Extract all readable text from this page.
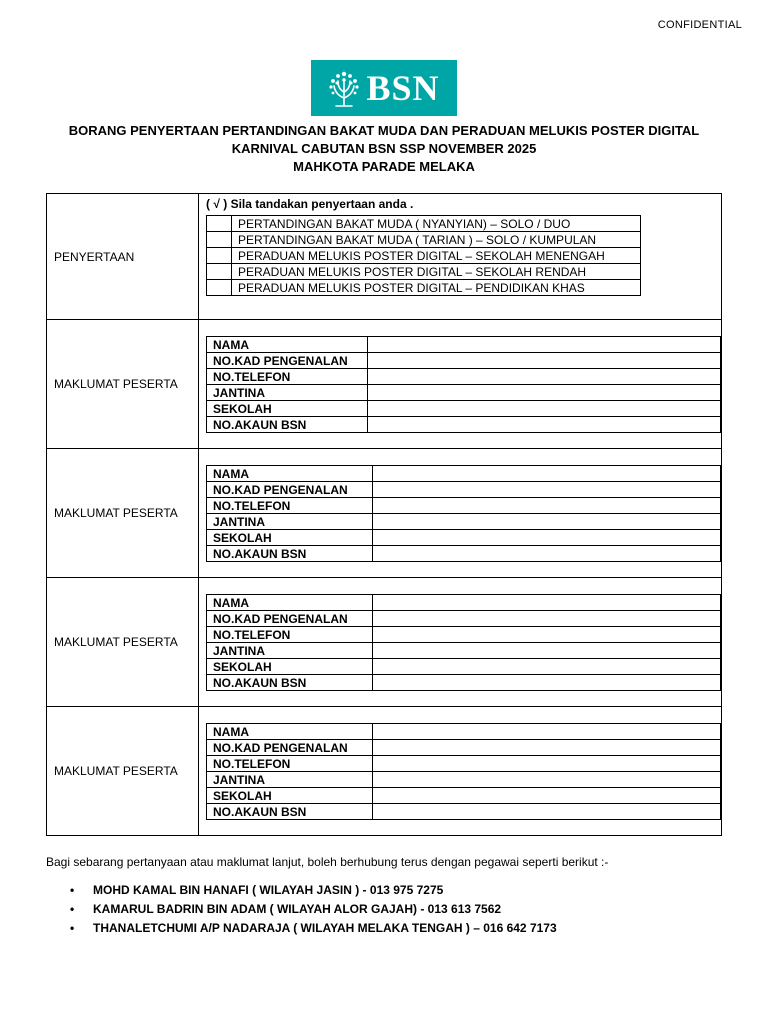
CONFIDENTIAL
BSN
BORANG PENYERTAAN PERTANDINGAN BAKAT MUDA DAN PERADUAN MELUKIS POSTER DIGITAL
KARNIVAL CABUTAN BSN SSP NOVEMBER 2025
MAHKOTA PARADE MELAKA
PENYERTAAN	
( √ ) Sila tandakan penyertaan anda .
	PERTANDINGAN BAKAT MUDA ( NYANYIAN) – SOLO / DUO
	PERTANDINGAN BAKAT MUDA ( TARIAN ) – SOLO / KUMPULAN
	PERADUAN MELUKIS POSTER DIGITAL – SEKOLAH MENENGAH
	PERADUAN MELUKIS POSTER DIGITAL – SEKOLAH RENDAH
	PERADUAN MELUKIS POSTER DIGITAL – PENDIDIKAN KHAS

MAKLUMAT PESERTA	
NAMA	
NO.KAD PENGENALAN	
NO.TELEFON	
JANTINA	
SEKOLAH	
NO.AKAUN BSN	

MAKLUMAT PESERTA	
NAMA	
NO.KAD PENGENALAN	
NO.TELEFON	
JANTINA	
SEKOLAH	
NO.AKAUN BSN	

MAKLUMAT PESERTA	
NAMA	
NO.KAD PENGENALAN	
NO.TELEFON	
JANTINA	
SEKOLAH	
NO.AKAUN BSN	

MAKLUMAT PESERTA	
NAMA	
NO.KAD PENGENALAN	
NO.TELEFON	
JANTINA	
SEKOLAH	
NO.AKAUN BSN	
Bagi sebarang pertanyaan atau maklumat lanjut, boleh berhubung terus dengan pegawai seperti berikut :-
• MOHD KAMAL BIN HANAFI ( WILAYAH JASIN ) - 013 975 7275
• KAMARUL BADRIN BIN ADAM ( WILAYAH ALOR GAJAH) - 013 613 7562
• THANALETCHUMI A/P NADARAJA ( WILAYAH MELAKA TENGAH ) – 016 642 7173
